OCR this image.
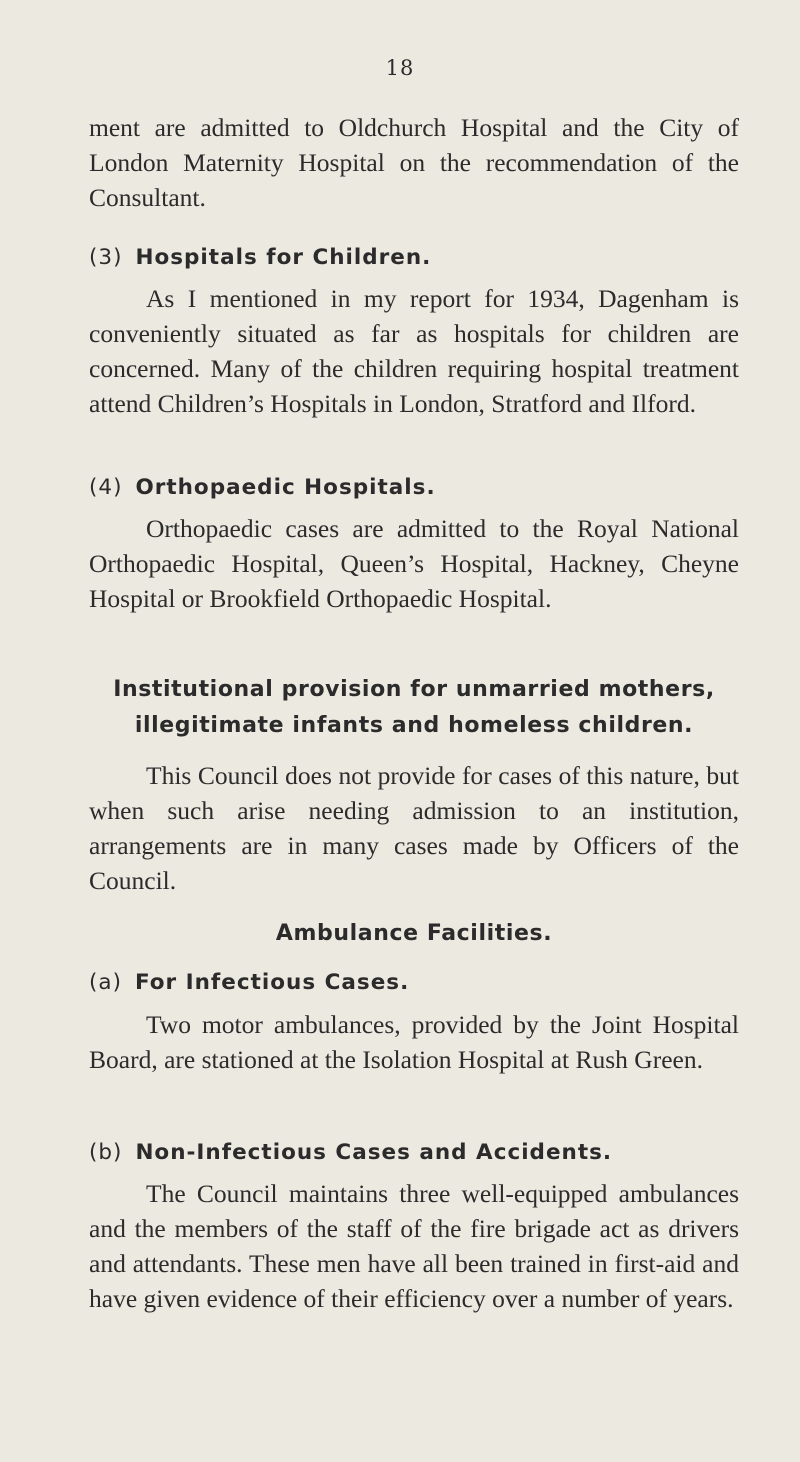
18

ment are admitted to Oldchurch Hospital and the City of London Maternity Hospital on the recommendation of the Consultant.

(3) Hospitals for Children.

As I mentioned in my report for 1934, Dagenham is conveniently situated as far as hospitals for children are concerned. Many of the children requiring hospital treatment attend Children’s Hospitals in London, Stratford and Ilford.

(4) Orthopaedic Hospitals.

Orthopaedic cases are admitted to the Royal National Orthopaedic Hospital, Queen’s Hospital, Hackney, Cheyne Hospital or Brookfield Orthopaedic Hospital.

Institutional provision for unmarried mothers,
illegitimate infants and homeless children.

This Council does not provide for cases of this nature, but when such arise needing admission to an institution, arrangements are in many cases made by Officers of the Council.

Ambulance Facilities.
(a) For Infectious Cases.

Two motor ambulances, provided by the Joint Hospital Board, are stationed at the Isolation Hospital at Rush Green.

(b) Non-Infectious Cases and Accidents.

The Council maintains three well-equipped ambulances and the members of the staff of the fire brigade act as drivers and attendants. These men have all been trained in first-aid and have given evidence of their efficiency over a number of years.
